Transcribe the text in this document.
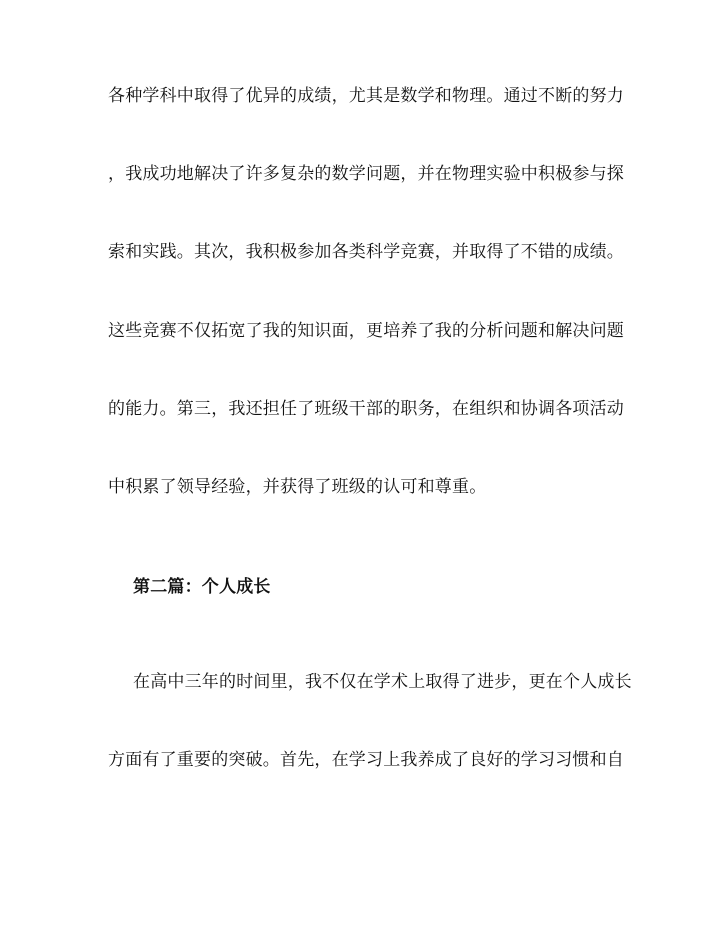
各种学科中取得了优异的成绩，尤其是数学和物理。通过不断的努力
，我成功地解决了许多复杂的数学问题，并在物理实验中积极参与探
索和实践。其次，我积极参加各类科学竞赛，并取得了不错的成绩。
这些竞赛不仅拓宽了我的知识面，更培养了我的分析问题和解决问题
的能力。第三，我还担任了班级干部的职务，在组织和协调各项活动
中积累了领导经验，并获得了班级的认可和尊重。
第二篇：个人成长
在高中三年的时间里，我不仅在学术上取得了进步，更在个人成长
方面有了重要的突破。首先，在学习上我养成了良好的学习习惯和自
